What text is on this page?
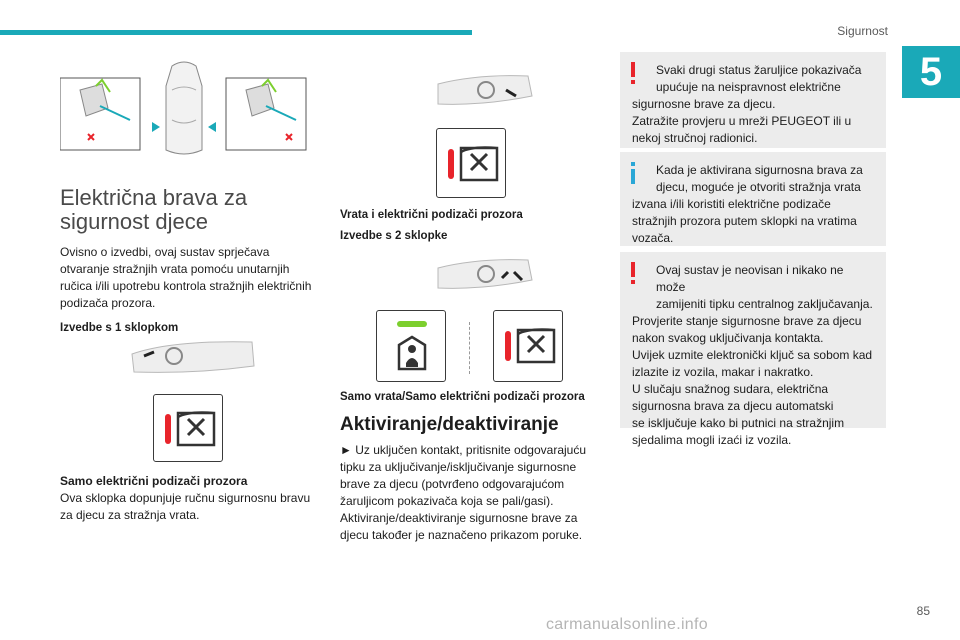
Sigurnost
5
Električna brava za
sigurnost djece
Ovisno o izvedbi, ovaj sustav sprječava
otvaranje stražnjih vrata pomoću unutarnjih
ručica i/ili upotrebu kontrola stražnjih električnih
podizača prozora.
Izvedbe s 1 sklopkom
Samo električni podizači prozora
Ova sklopka dopunjuje ručnu sigurnosnu bravu
za djecu za stražnja vrata.
Vrata i električni podizači prozora
Izvedbe s 2 sklopke
Samo vrata/Samo električni podizači prozora
Aktiviranje/deaktiviranje
► Uz uključen kontakt, pritisnite odgovarajuću
tipku za uključivanje/isključivanje sigurnosne
brave za djecu (potvrđeno odgovarajućom
žaruljicom pokazivača koja se pali/gasi).
Aktiviranje/deaktiviranje sigurnosne brave za
djecu također je naznačeno prikazom poruke.
Svaki drugi status žaruljice pokazivača
upućuje na neispravnost električne
sigurnosne brave za djecu.
Zatražite provjeru u mreži PEUGEOT ili u
nekoj stručnoj radionici.
Kada je aktivirana sigurnosna brava za
djecu, moguće je otvoriti stražnja vrata
izvana i/ili koristiti električne podizače
stražnjih prozora putem sklopki na vratima
vozača.
Ovaj sustav je neovisan i nikako ne može
zamijeniti tipku centralnog zaključavanja.
Provjerite stanje sigurnosne brave za djecu
nakon svakog uključivanja kontakta.
Uvijek uzmite elektronički ključ sa sobom kad
izlazite iz vozila, makar i nakratko.
U slučaju snažnog sudara, električna
sigurnosna brava za djecu automatski
se isključuje kako bi putnici na stražnjim
sjedalima mogli izaći iz vozila.
85
carmanualsonline.info
